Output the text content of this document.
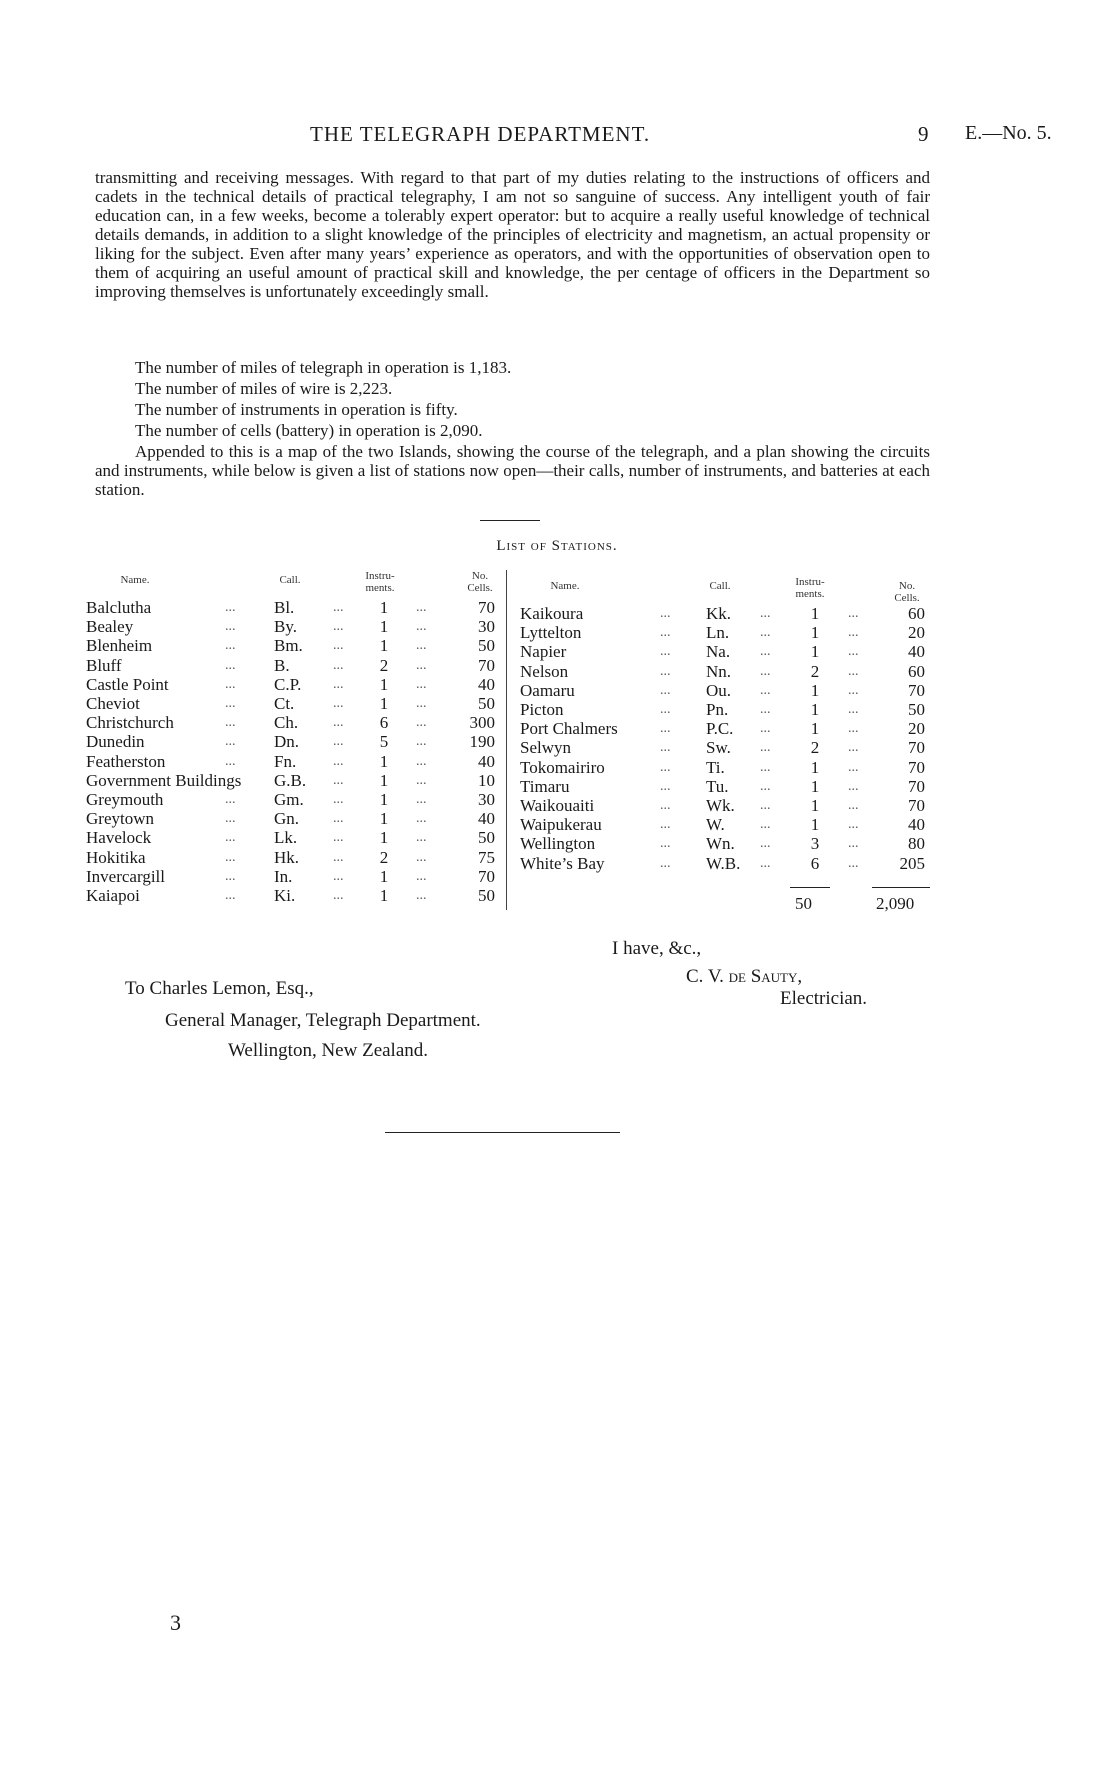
THE TELEGRAPH DEPARTMENT.	9 E.—No. 5.
transmitting and receiving messages. With regard to that part of my duties relating to the instructions of officers and cadets in the technical details of practical telegraphy, I am not so sanguine of success. Any intelligent youth of fair education can, in a few weeks, become a tolerably expert operator: but to acquire a really useful knowledge of technical details demands, in addition to a slight knowledge of the principles of electricity and magnetism, an actual propensity or liking for the subject. Even after many years’ experience as operators, and with the opportunities of observation open to them of acquiring an useful amount of practical skill and knowledge, the per centage of officers in the Department so improving themselves is unfortunately exceedingly small.
The number of miles of telegraph in operation is 1,183.
The number of miles of wire is 2,223.
The number of instruments in operation is fifty.
The number of cells (battery) in operation is 2,090.
Appended to this is a map of the two Islands, showing the course of the telegraph, and a plan showing the circuits and instruments, while below is given a list of stations now open—their calls, number of instruments, and batteries at each station.
List of Stations.
Name.	Call.	Instru-
ments.
No.
Cells.	Name.	Call.	Instru-
ments.
No.
Cells.
Balclutha	... Bl.	...	1	...	70
Bealey	... By.	...	1	...	30
Blenheim	... Bm. ...	1	...	50
Bluff	... B.	...	2	...	70
Castle Point	... C.P. ...	1	...	40
Cheviot	... Ct.	...	1	...	50
Christchurch	... Ch. ...	6	...	300
Dunedin	... Dn. ...	5	...	190
Featherston	... Fn.	...	1	...	40
Government Buildings G.B. ...	1	...	10
Greymouth	... Gm. ...	1	...	30
Greytown	... Gn. ...	1	...	40
Havelock	... Lk.	...	1	...	50
Hokitika	... Hk. ...	2	...	75
Invercargill	... In.	...	1	...	70
Kaiapoi	... Ki.	...	1	...	50
Kaikoura	... Kk. ...	1	...	60
Lyttelton	... Ln. ...	1	...	20
Napier	... Na. ...	1	...	40
Nelson	... Nn. ...	2	...	60
Oamaru	... Ou. ...	1	...	70
Picton	... Pn. ...	1	...	50
Port Chalmers	... P.C. ...	1	...	20
Selwyn	... Sw. ...	2	...	70
Tokomairiro	... Ti.	...	1	...	70
Timaru	... Tu. ...	1	...	70
Waikouaiti	... Wk. ...	1	...	70
Waipukerau	... W.	...	1	...	40
Wellington	... Wn. ...	3	...	80
White’s Bay	... W.B. ...	6	...	205
50	2,090
I have, &c.,
C. V. de Sauty,
Electrician.
To Charles Lemon, Esq.,
General Manager, Telegraph Department.
Wellington, New Zealand.
3
